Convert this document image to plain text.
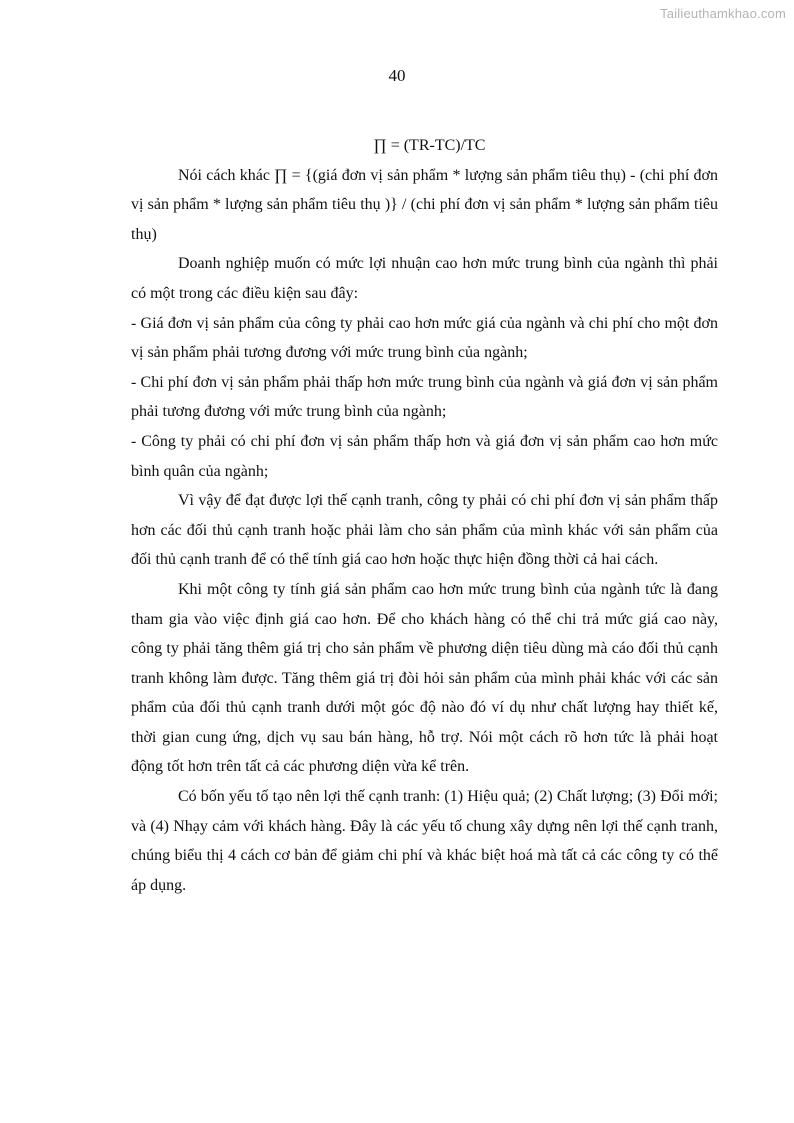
Tailieuthamkhao.com
40

∏ = (TR-TC)/TC

Nói cách khác ∏ = {(giá đơn vị sản phẩm * lượng sản phẩm tiêu thụ) - (chi phí đơn vị sản phẩm * lượng sản phẩm tiêu thụ )} / (chi phí đơn vị sản phẩm * lượng sản phẩm tiêu thụ)

Doanh nghiệp muốn có mức lợi nhuận cao hơn mức trung bình của ngành thì phải có một trong các điều kiện sau đây:

- Giá đơn vị sản phẩm của công ty phải cao hơn mức giá của ngành và chi phí cho một đơn vị sản phẩm phải tương đương với mức trung bình của ngành;

- Chi phí đơn vị sản phẩm phải thấp hơn mức trung bình của ngành và giá đơn vị sản phẩm phải tương đương với mức trung bình của ngành;

- Công ty phải có chi phí đơn vị sản phẩm thấp hơn và giá đơn vị sản phẩm cao hơn mức bình quân của ngành;

Vì vậy để đạt được lợi thế cạnh tranh, công ty phải có chi phí đơn vị sản phẩm thấp hơn các đối thủ cạnh tranh hoặc phải làm cho sản phẩm của mình khác với sản phẩm của đối thủ cạnh tranh để có thể tính giá cao hơn hoặc thực hiện đồng thời cả hai cách.

Khi một công ty tính giá sản phẩm cao hơn mức trung bình của ngành tức là đang tham gia vào việc định giá cao hơn. Để cho khách hàng có thể chi trả mức giá cao này, công ty phải tăng thêm giá trị cho sản phẩm về phương diện tiêu dùng mà cáo đối thủ cạnh tranh không làm được. Tăng thêm giá trị đòi hỏi sản phẩm của mình phải khác với các sản phẩm của đối thủ cạnh tranh dưới một góc độ nào đó ví dụ như chất lượng hay thiết kế, thời gian cung ứng, dịch vụ sau bán hàng, hỗ trợ. Nói một cách rõ hơn tức là phải hoạt động tốt hơn trên tất cả các phương diện vừa kể trên.

Có bốn yếu tố tạo nên lợi thế cạnh tranh: (1) Hiệu quả; (2) Chất lượng; (3) Đổi mới; và (4) Nhạy cảm với khách hàng. Đây là các yếu tố chung xây dựng nên lợi thế cạnh tranh, chúng biểu thị 4 cách cơ bản để giảm chi phí và khác biệt hoá mà tất cả các công ty có thể áp dụng.
